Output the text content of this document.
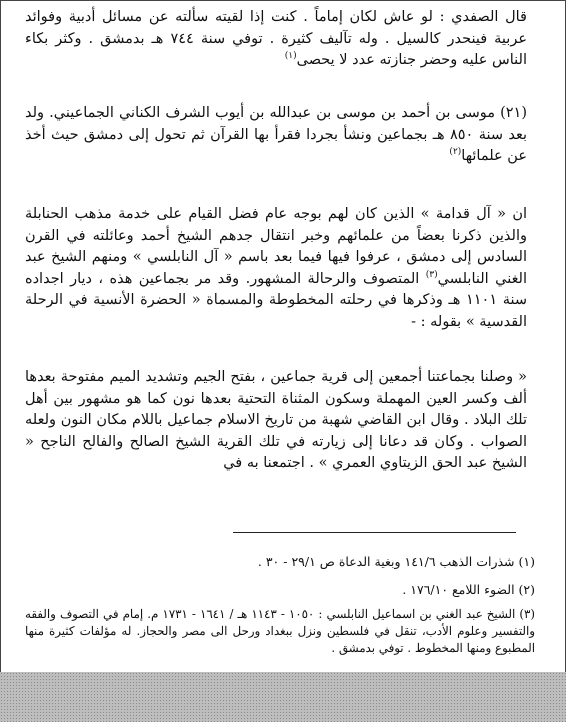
قال الصفدي : لو عاش لكان إماماً . كنت إذا لقيته سألته عن مسائل أدبية وفوائد عربية فينحدر كالسيل . وله تآليف كثيرة . توفي سنة ٧٤٤ هـ بدمشق . وكثر بكاء الناس عليه وحضر جنازته عدد لا يحصى$^{(١)}$

(٢١) موسى بن أحمد بن موسى بن عبدالله بن أيوب الشرف الكناني الجماعيني. ولد بعد سنة ٨٥٠ هـ بجماعين ونشأ بجردا فقرأ بها القرآن ثم تحول إلى دمشق حيث أخذ عن علمائها$^{(٢)}$

ان « آل قدامة » الذين كان لهم بوجه عام فضل القيام على خدمة مذهب الحنابلة والذين ذكرنا بعضاً من علمائهم وخبر انتقال جدهم الشيخ أحمد وعائلته في القرن السادس إلى دمشق ، عرفوا فيها فيما بعد باسم « آل النابلسي » ومنهم الشيخ عبد الغني النابلسي$^{(٣)}$ المتصوف والرحالة المشهور. وقد مر بجماعين هذه ، ديار اجداده سنة ١١٠١ هـ وذكرها في رحلته المخطوطة والمسماة « الحضرة الأنسية في الرحلة القدسية » بقوله : -

« وصلنا بجماعتنا أجمعين إلى قرية جماعين ، بفتح الجيم وتشديد الميم مفتوحة بعدها ألف وكسر العين المهملة وسكون المثناة التحتية بعدها نون كما هو مشهور بين أهل تلك البلاد . وقال ابن القاضي شهبة من تاريخ الاسلام جماعيل باللام مكان النون ولعله الصواب . وكان قد دعانا إلى زيارته في تلك القرية الشيخ الصالح والفالح الناجح « الشيخ عبد الحق الزيتاوي العمري » . اجتمعنا به في

(١) شذرات الذهب ١٤١/٦ وبغية الدعاة ص ٢٩/١ - ٣٠ .

(٢) الضوء اللامع ١٧٦/١٠ .

(٣) الشيخ عبد الغني بن اسماعيل النابلسي : ١٠٥٠ - ١١٤٣ هـ / ١٦٤١ - ١٧٣١ م. إمام في التصوف والفقه والتفسير وعلوم الأدب، تنقل في فلسطين ونزل ببغداد ورحل الى مصر والحجاز. له مؤلفات كثيرة منها المطبوع ومنها المخطوط . توفي بدمشق .
